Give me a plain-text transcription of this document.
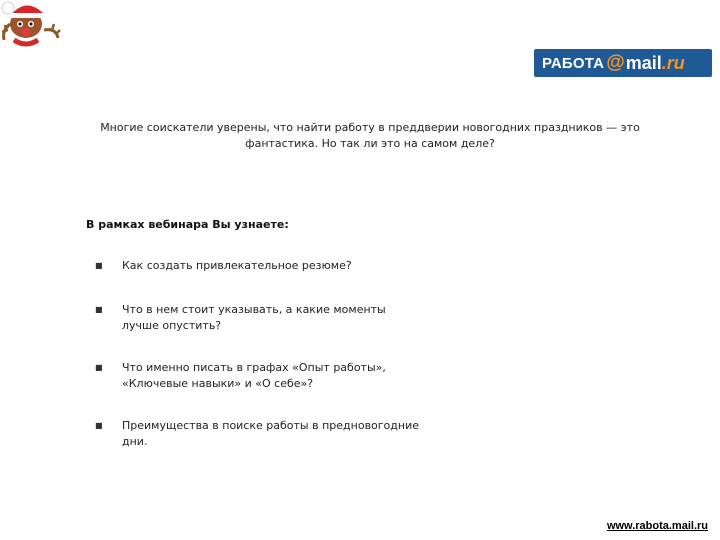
РАБОТА @ mail .ru
Многие соискатели уверены, что найти работу в преддверии новогодних праздников — это фантастика. Но так ли это на самом деле?
В рамках вебинара Вы узнаете:
■	Как создать привлекательное резюме?
■	Что в нем стоит указывать, а какие моменты лучше опустить?
■	Что именно писать в графах «Опыт работы», «Ключевые навыки» и «О себе»?
■	Преимущества в поиске работы в предновогодние дни.
www.rabota.mail.ru
